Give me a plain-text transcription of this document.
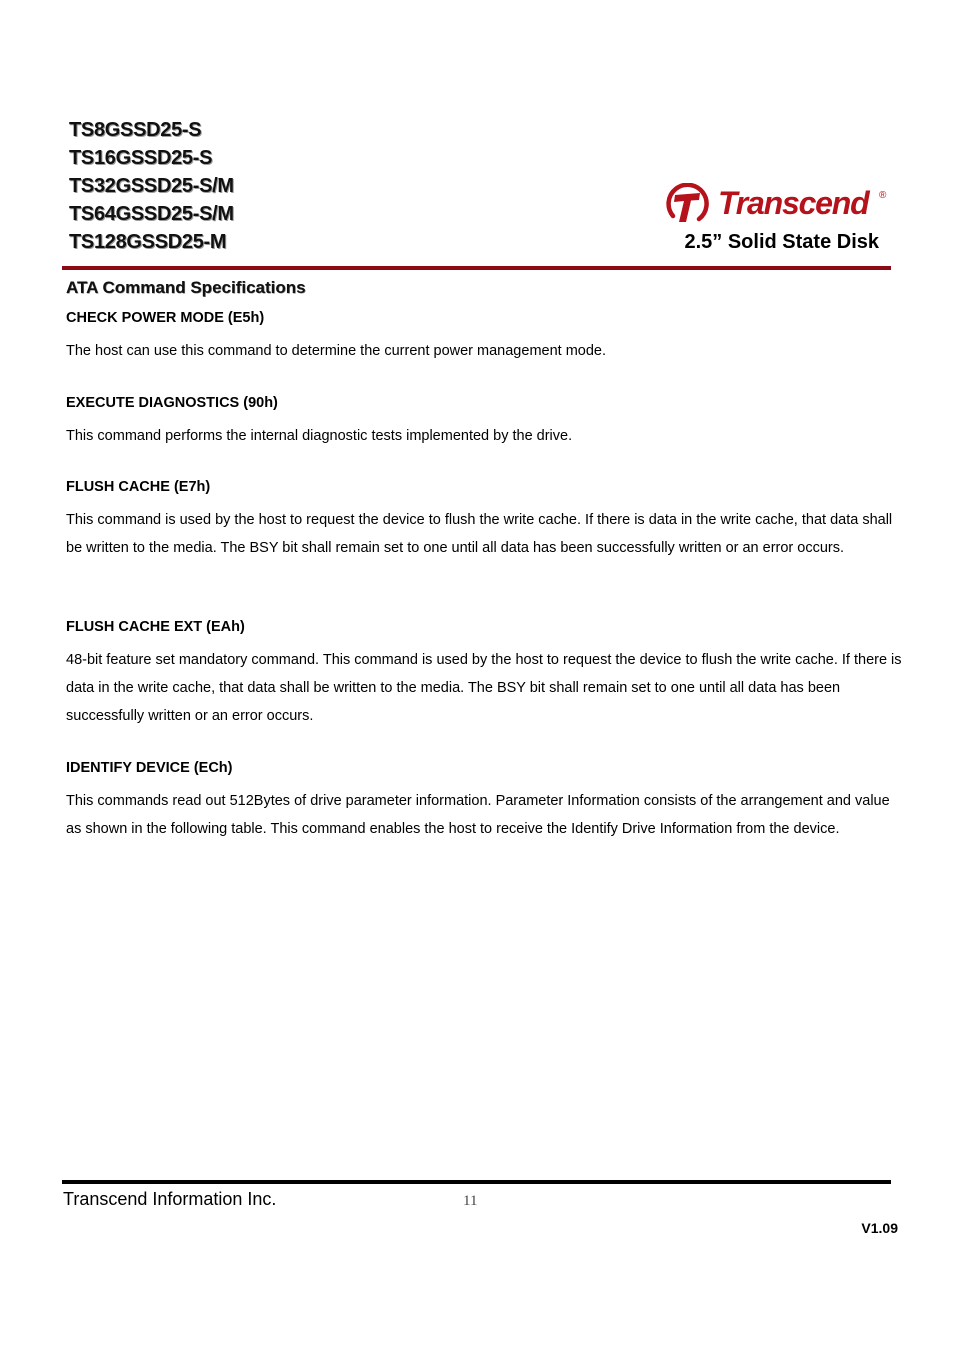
TS8GSSD25-S
TS16GSSD25-S
TS32GSSD25-S/M
TS64GSSD25-S/M
TS128GSSD25-M
Transcend ®
2.5” Solid State Disk
ATA Command Specifications
CHECK POWER MODE (E5h)
The host can use this command to determine the current power management mode.
EXECUTE DIAGNOSTICS (90h)
This command performs the internal diagnostic tests implemented by the drive.
FLUSH CACHE (E7h)
This command is used by the host to request the device to flush the write cache. If there is data in the write cache, that data shall be written to the media. The BSY bit shall remain set to one until all data has been successfully written or an error occurs.
FLUSH CACHE EXT (EAh)
48-bit feature set mandatory command. This command is used by the host to request the device to flush the write cache. If there is data in the write cache, that data shall be written to the media. The BSY bit shall remain set to one until all data has been successfully written or an error occurs.
IDENTIFY DEVICE (ECh)
This commands read out 512Bytes of drive parameter information. Parameter Information consists of the arrangement and value as shown in the following table. This command enables the host to receive the Identify Drive Information from the device.
Transcend Information Inc.	11
V1.09
